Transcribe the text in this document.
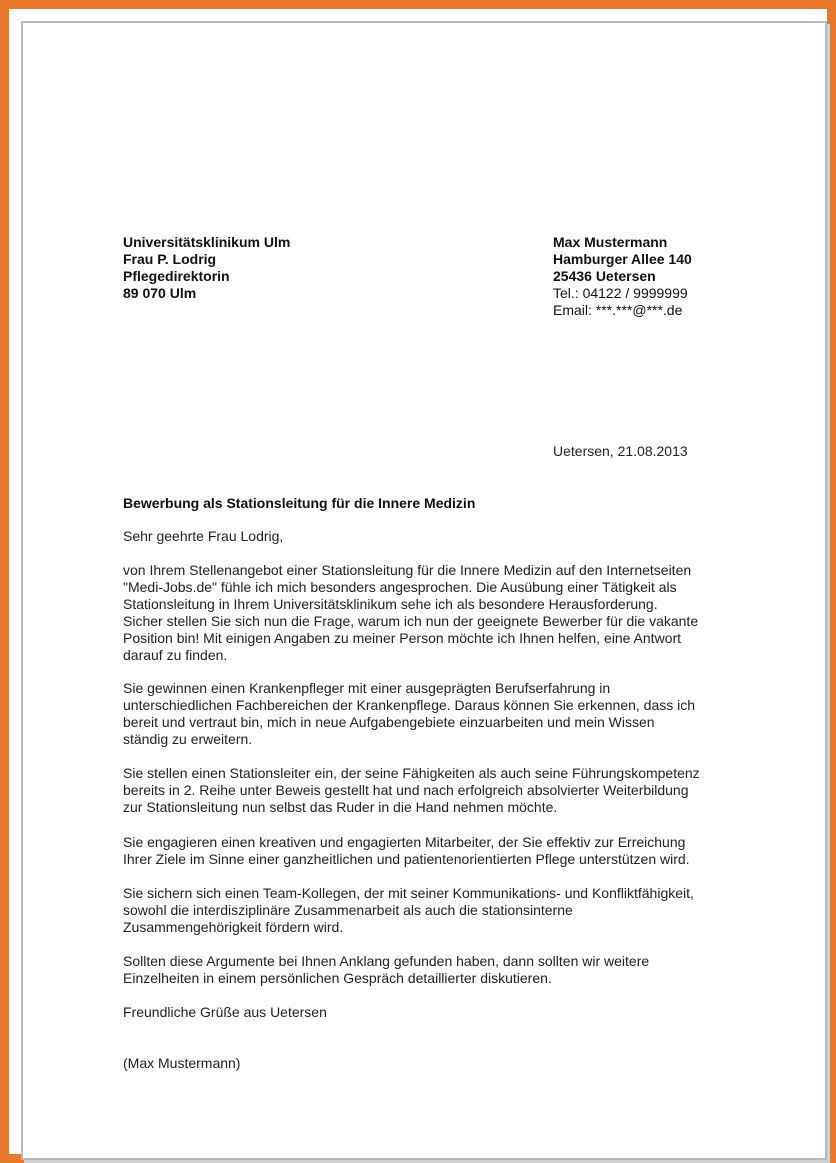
Universitätsklinikum Ulm
Frau P. Lodrig
Pflegedirektorin
89 070 Ulm
Max Mustermann
Hamburger Allee 140
25436 Uetersen
Tel.: 04122 / 9999999
Email: ***.***@***.de
Uetersen, 21.08.2013
Bewerbung als Stationsleitung für die Innere Medizin
Sehr geehrte Frau Lodrig,
von Ihrem Stellenangebot einer Stationsleitung für die Innere Medizin auf den Internetseiten
"Medi-Jobs.de" fühle ich mich besonders angesprochen. Die Ausübung einer Tätigkeit als
Stationsleitung in Ihrem Universitätsklinikum sehe ich als besondere Herausforderung.
Sicher stellen Sie sich nun die Frage, warum ich nun der geeignete Bewerber für die vakante
Position bin! Mit einigen Angaben zu meiner Person möchte ich Ihnen helfen, eine Antwort
darauf zu finden.
Sie gewinnen einen Krankenpfleger mit einer ausgeprägten Berufserfahrung in
unterschiedlichen Fachbereichen der Krankenpflege. Daraus können Sie erkennen, dass ich
bereit und vertraut bin, mich in neue Aufgabengebiete einzuarbeiten und mein Wissen
ständig zu erweitern.
Sie stellen einen Stationsleiter ein, der seine Fähigkeiten als auch seine Führungskompetenz
bereits in 2. Reihe unter Beweis gestellt hat und nach erfolgreich absolvierter Weiterbildung
zur Stationsleitung nun selbst das Ruder in die Hand nehmen möchte.
Sie engagieren einen kreativen und engagierten Mitarbeiter, der Sie effektiv zur Erreichung
Ihrer Ziele im Sinne einer ganzheitlichen und patientenorientierten Pflege unterstützen wird.
Sie sichern sich einen Team-Kollegen, der mit seiner Kommunikations- und Konfliktfähigkeit,
sowohl die interdisziplinäre Zusammenarbeit als auch die stationsinterne
Zusammengehörigkeit fördern wird.
Sollten diese Argumente bei Ihnen Anklang gefunden haben, dann sollten wir weitere
Einzelheiten in einem persönlichen Gespräch detaillierter diskutieren.
Freundliche Grüße aus Uetersen
(Max Mustermann)
